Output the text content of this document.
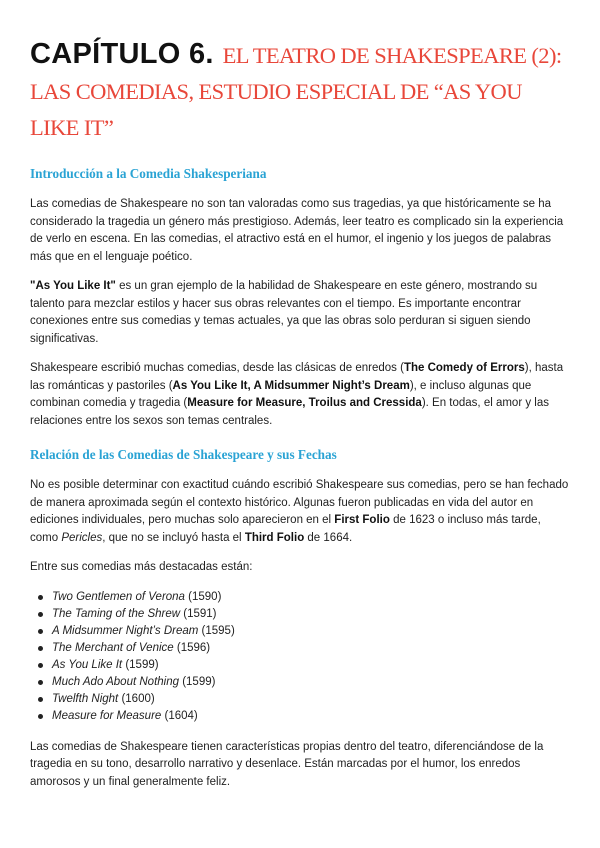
CAPÍTULO 6. EL TEATRO DE SHAKESPEARE (2): LAS COMEDIAS, ESTUDIO ESPECIAL DE “AS YOU LIKE IT”
Introducción a la Comedia Shakesperiana

Las comedias de Shakespeare no son tan valoradas como sus tragedias, ya que históricamente se ha considerado la tragedia un género más prestigioso. Además, leer teatro es complicado sin la experiencia de verlo en escena. En las comedias, el atractivo está en el humor, el ingenio y los juegos de palabras más que en el lenguaje poético.

"As You Like It" es un gran ejemplo de la habilidad de Shakespeare en este género, mostrando su talento para mezclar estilos y hacer sus obras relevantes con el tiempo. Es importante encontrar conexiones entre sus comedias y temas actuales, ya que las obras solo perduran si siguen siendo significativas.

Shakespeare escribió muchas comedias, desde las clásicas de enredos (The Comedy of Errors), hasta las románticas y pastoriles (As You Like It, A Midsummer Night’s Dream), e incluso algunas que combinan comedia y tragedia (Measure for Measure, Troilus and Cressida). En todas, el amor y las relaciones entre los sexos son temas centrales.

Relación de las Comedias de Shakespeare y sus Fechas

No es posible determinar con exactitud cuándo escribió Shakespeare sus comedias, pero se han fechado de manera aproximada según el contexto histórico. Algunas fueron publicadas en vida del autor en ediciones individuales, pero muchas solo aparecieron en el First Folio de 1623 o incluso más tarde, como Pericles, que no se incluyó hasta el Third Folio de 1664.

Entre sus comedias más destacadas están:

Two Gentlemen of Verona (1590)
The Taming of the Shrew (1591)
A Midsummer Night’s Dream (1595)
The Merchant of Venice (1596)
As You Like It (1599)
Much Ado About Nothing (1599)
Twelfth Night (1600)
Measure for Measure (1604)

Las comedias de Shakespeare tienen características propias dentro del teatro, diferenciándose de la tragedia en su tono, desarrollo narrativo y desenlace. Están marcadas por el humor, los enredos amorosos y un final generalmente feliz.
